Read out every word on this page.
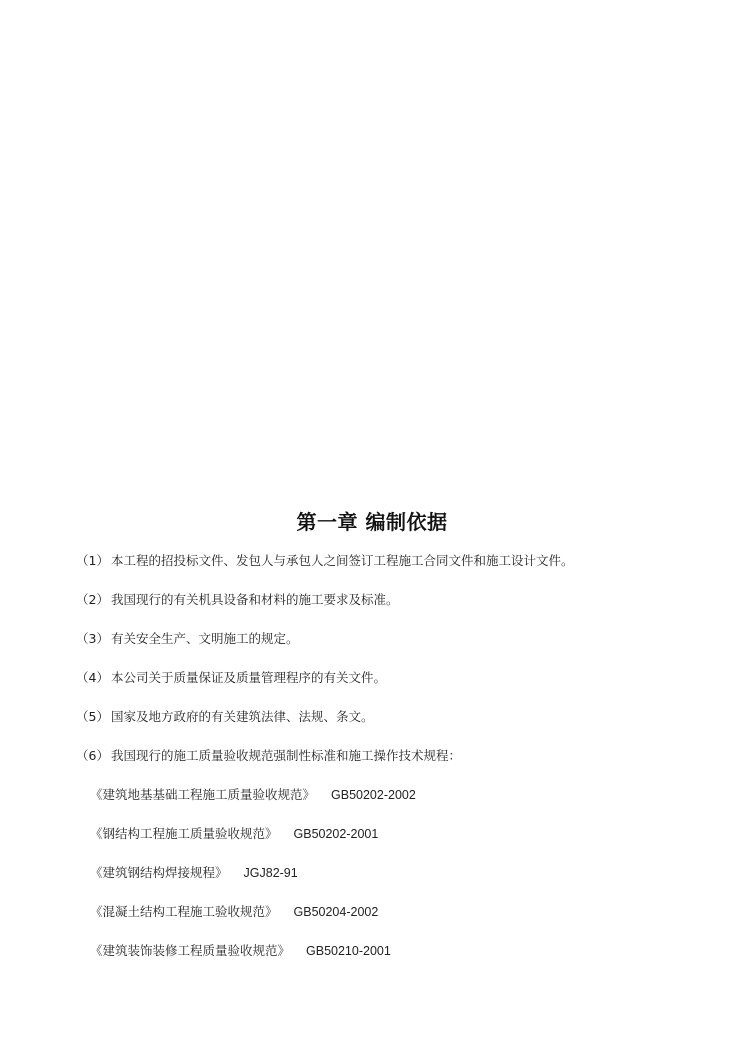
第一章 编制依据
（1） 本工程的招投标文件、发包人与承包人之间签订工程施工合同文件和施工设计文件。
（2） 我国现行的有关机具设备和材料的施工要求及标准。
（3） 有关安全生产、文明施工的规定。
（4） 本公司关于质量保证及质量管理程序的有关文件。
（5） 国家及地方政府的有关建筑法律、法规、条文。
（6） 我国现行的施工质量验收规范强制性标准和施工操作技术规程：
《建筑地基基础工程施工质量验收规范》 GB50202-2002
《钢结构工程施工质量验收规范》 GB50202-2001
《建筑钢结构焊接规程》 JGJ82-91
《混凝土结构工程施工验收规范》 GB50204-2002
《建筑装饰装修工程质量验收规范》 GB50210-2001
